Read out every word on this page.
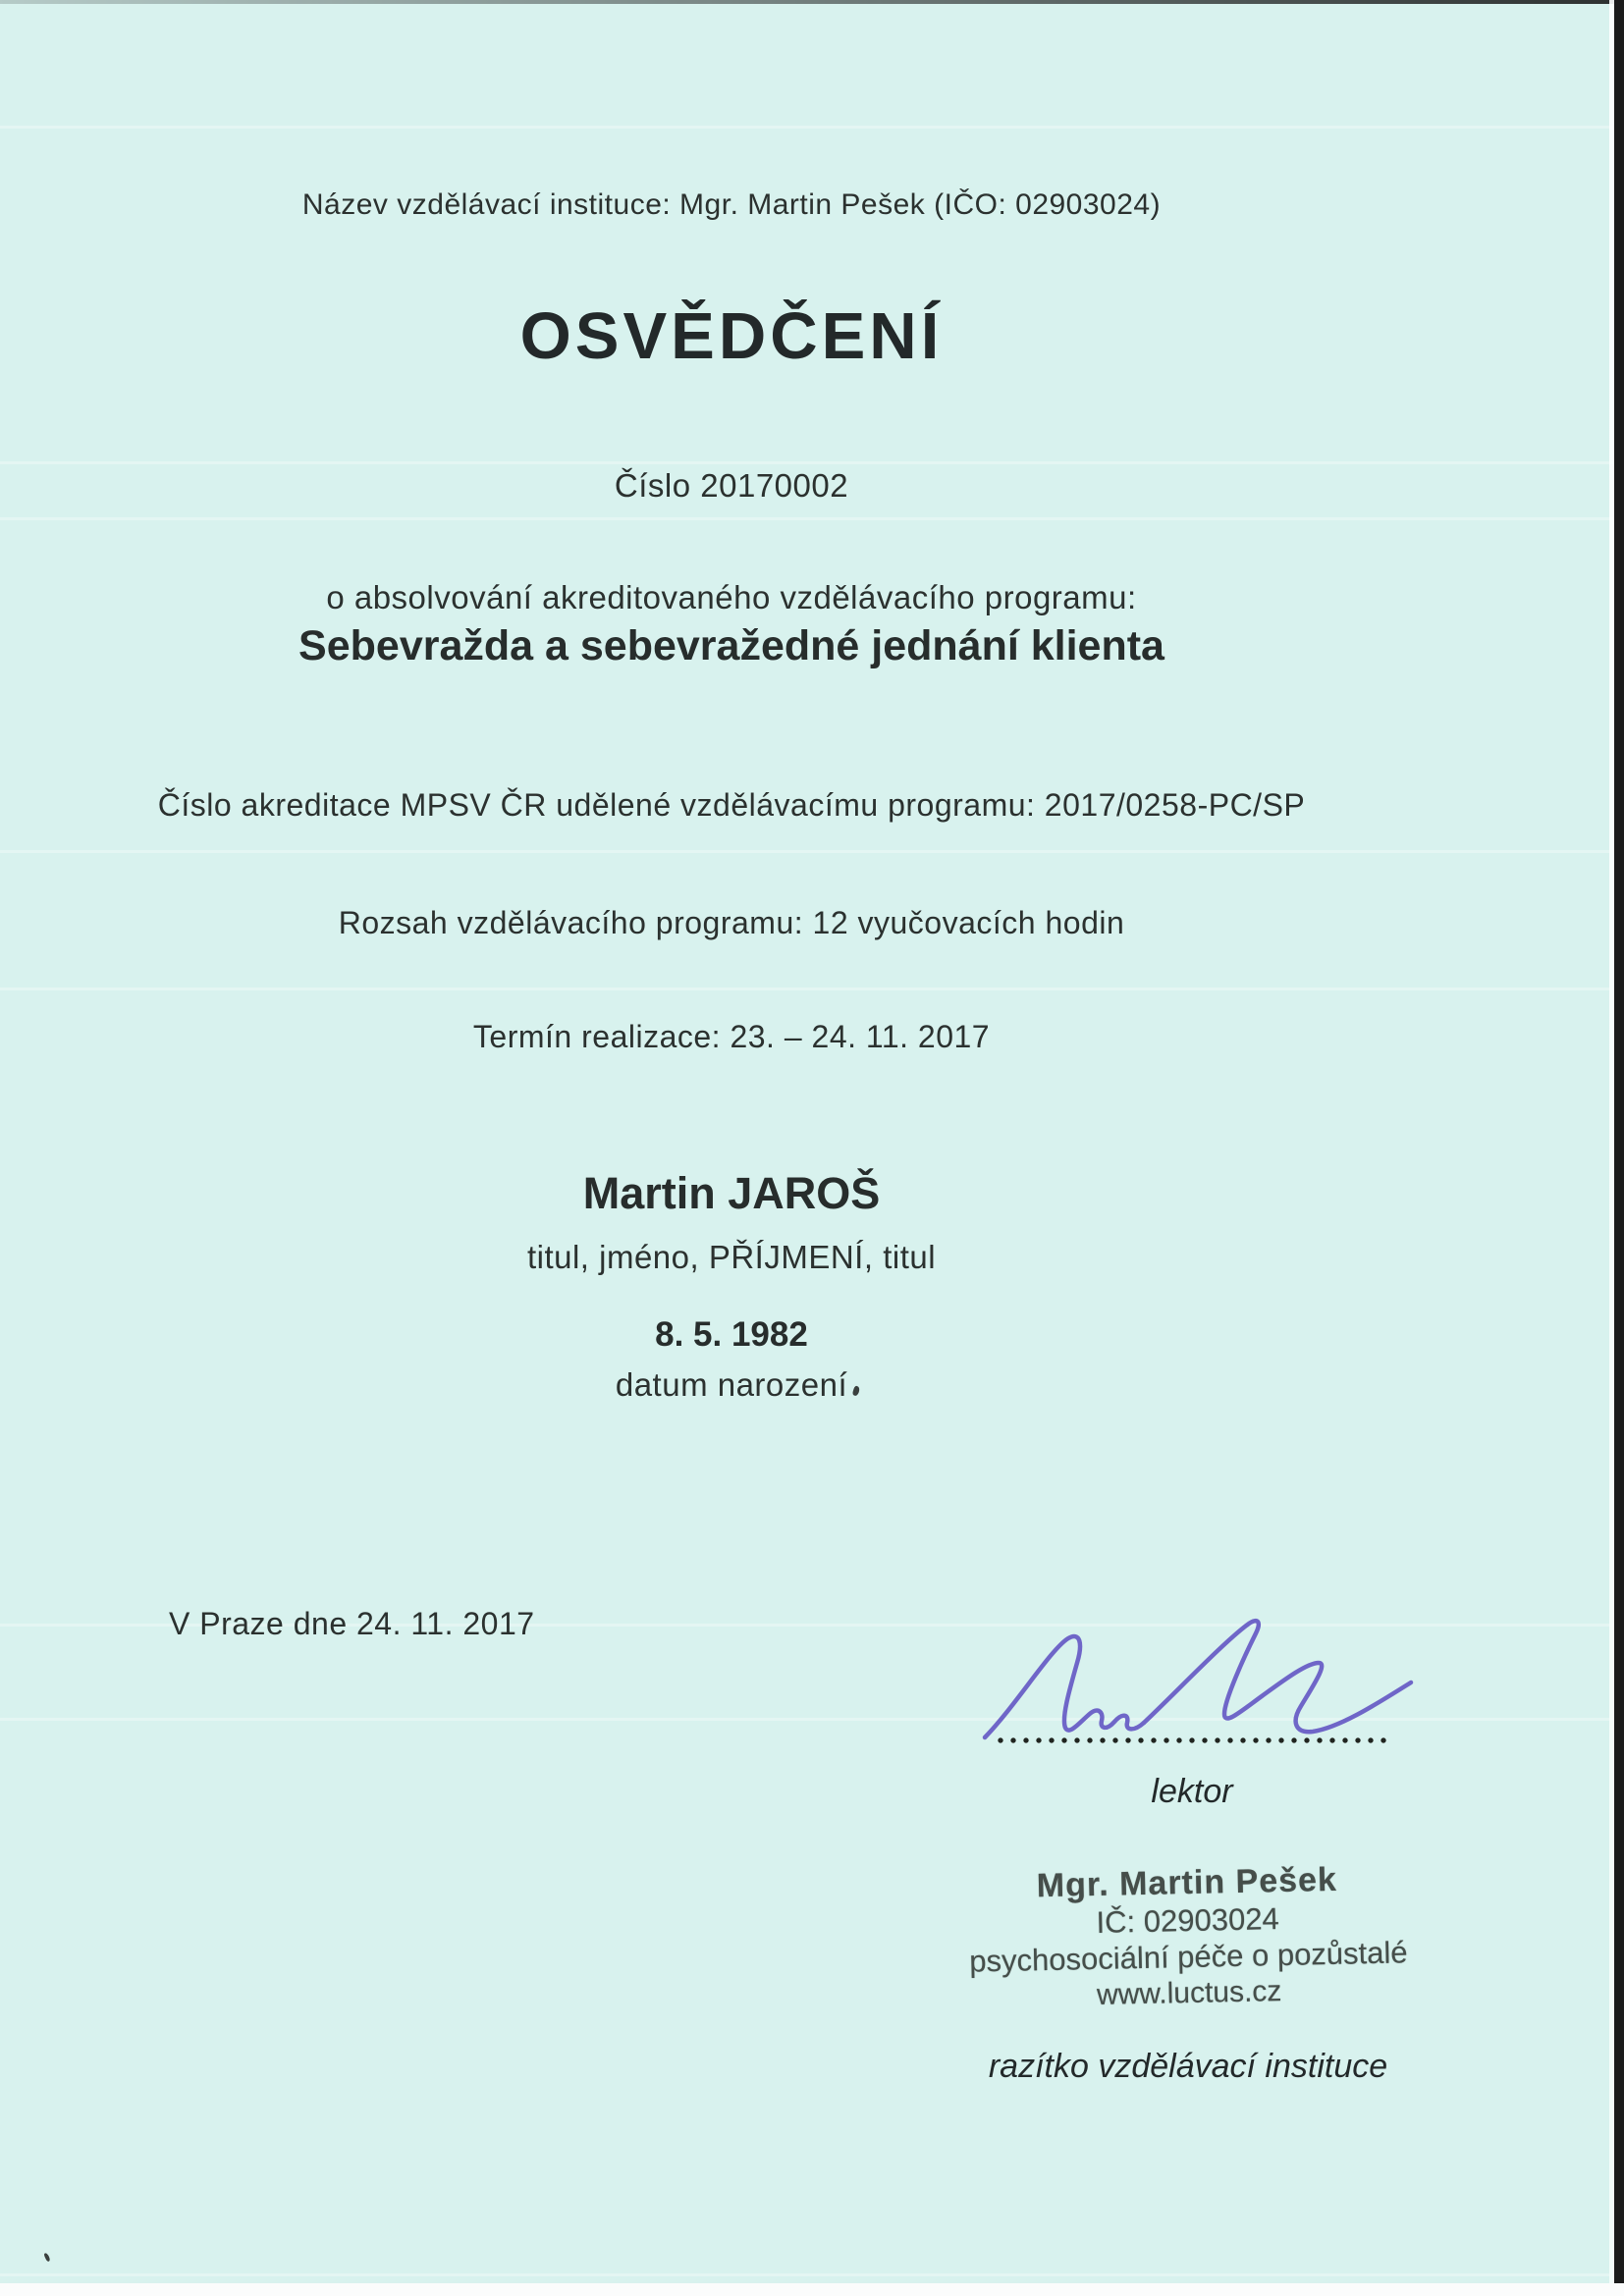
Název vzdělávací instituce: Mgr. Martin Pešek (IČO: 02903024)
OSVĚDČENÍ
Číslo 20170002
o absolvování akreditovaného vzdělávacího programu:
Sebevražda a sebevražedné jednání klienta
Číslo akreditace MPSV ČR udělené vzdělávacímu programu: 2017/0258-PC/SP
Rozsah vzdělávacího programu: 12 vyučovacích hodin
Termín realizace: 23. – 24. 11. 2017
Martin JAROŠ
titul, jméno, PŘÍJMENÍ, titul
8. 5. 1982
datum narození
V Praze dne 24. 11. 2017
lektor
Mgr. Martin Pešek
IČ: 02903024
psychosociální péče o pozůstalé
www.luctus.cz
razítko vzdělávací instituce
